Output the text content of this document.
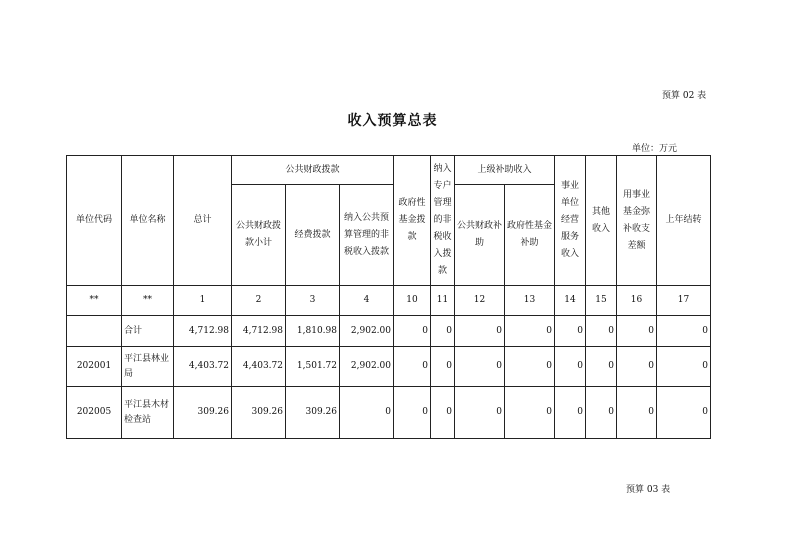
预算 02 表
收入预算总表
单位：万元
单位代码	单位名称	总计	公共财政拨款			政府性基金拨款	纳入专户管理的非税收入拨款	上级补助收入		事业单位经营服务收入	其他收入	用事业基金弥补收支差额	上年结转
			公共财政拨款小计	经费拨款	纳入公共预算管理的非税收入拨款			公共财政补助	政府性基金补助				
**	**	1	2	3	4	10	11	12	13	14	15	16	17
	合计	4,712.98	4,712.98	1,810.98	2,902.00	0	0	0	0	0	0	0	0
202001	平江县林业局	4,403.72	4,403.72	1,501.72	2,902.00	0	0	0	0	0	0	0	0
202005	平江县木材检查站	309.26	309.26	309.26	0	0	0	0	0	0	0	0	0
预算 03 表
